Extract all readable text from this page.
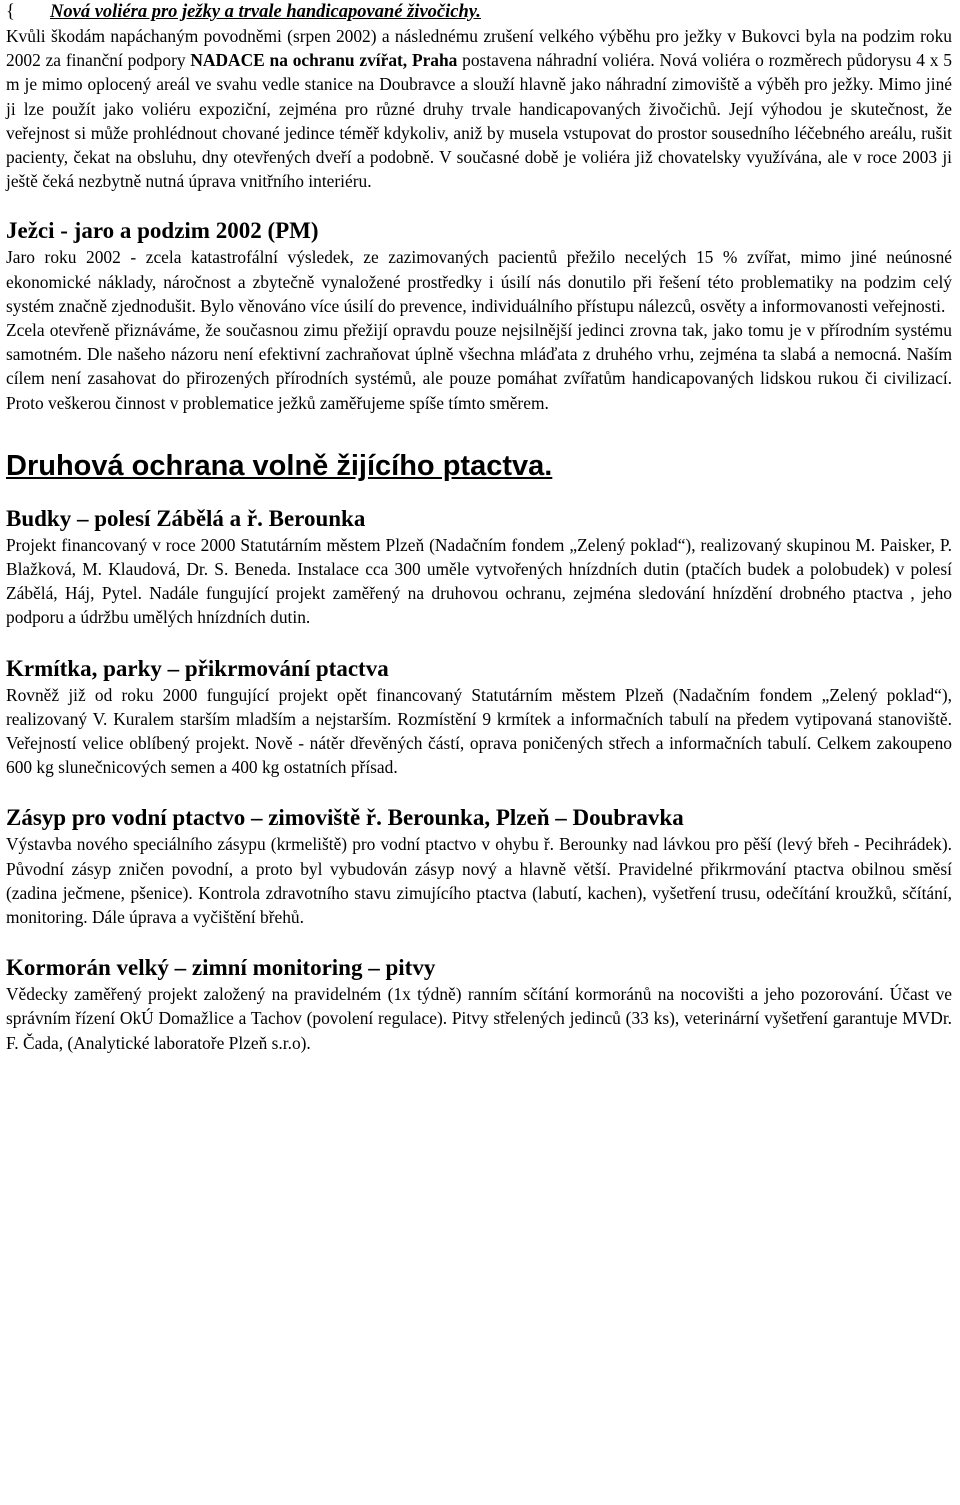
{ Nová voliéra pro ježky a trvale handicapované živočichy.

Kvůli škodám napáchaným povodněmi (srpen 2002) a následnému zrušení velkého výběhu pro ježky v Bukovci byla na podzim roku 2002 za finanční podpory NADACE na ochranu zvířat, Praha postavena náhradní voliéra. Nová voliéra o rozměrech půdorysu 4 x 5 m je mimo oplocený areál ve svahu vedle stanice na Doubravce a slouží hlavně jako náhradní zimoviště a výběh pro ježky. Mimo jiné ji lze použít jako voliéru expoziční, zejména pro různé druhy trvale handicapovaných živočichů. Její výhodou je skutečnost, že veřejnost si může prohlédnout chované jedince téměř kdykoliv, aniž by musela vstupovat do prostor sousedního léčebného areálu, rušit pacienty, čekat na obsluhu, dny otevřených dveří a podobně. V současné době je voliéra již chovatelsky využívána, ale v roce 2003 ji ještě čeká nezbytně nutná úprava vnitřního interiéru.

Ježci - jaro a podzim 2002 (PM)

Jaro roku 2002 - zcela katastrofální výsledek, ze zazimovaných pacientů přežilo necelých 15 % zvířat, mimo jiné neúnosné ekonomické náklady, náročnost a zbytečně vynaložené prostředky i úsilí nás donutilo při řešení této problematiky na podzim celý systém značně zjednodušit. Bylo věnováno více úsilí do prevence, individuálního přístupu nálezců, osvěty a informovanosti veřejnosti.

Zcela otevřeně přiznáváme, že současnou zimu přežijí opravdu pouze nejsilnější jedinci zrovna tak, jako tomu je v přírodním systému samotném. Dle našeho názoru není efektivní zachraňovat úplně všechna mláďata z druhého vrhu, zejména ta slabá a nemocná. Naším cílem není zasahovat do přirozených přírodních systémů, ale pouze pomáhat zvířatům handicapovaných lidskou rukou či civilizací. Proto veškerou činnost v problematice ježků zaměřujeme spíše tímto směrem.

Druhová ochrana volně žijícího ptactva.
Budky – polesí Zábělá a ř. Berounka

Projekt financovaný v roce 2000 Statutárním městem Plzeň (Nadačním fondem „Zelený poklad“), realizovaný skupinou M. Paisker, P. Blažková, M. Klaudová, Dr. S. Beneda. Instalace cca 300 uměle vytvořených hnízdních dutin (ptačích budek a polobudek) v polesí Zábělá, Háj, Pytel. Nadále fungující projekt zaměřený na druhovou ochranu, zejména sledování hnízdění drobného ptactva , jeho podporu a údržbu umělých hnízdních dutin.

Krmítka, parky – přikrmování ptactva

Rovněž již od roku 2000 fungující projekt opět financovaný Statutárním městem Plzeň (Nadačním fondem „Zelený poklad“), realizovaný V. Kuralem starším mladším a nejstarším. Rozmístění 9 krmítek a informačních tabulí na předem vytipovaná stanoviště. Veřejností velice oblíbený projekt. Nově - nátěr dřevěných částí, oprava poničených střech a informačních tabulí. Celkem zakoupeno 600 kg slunečnicových semen a 400 kg ostatních přísad.

Zásyp pro vodní ptactvo – zimoviště ř. Berounka, Plzeň – Doubravka

Výstavba nového speciálního zásypu (krmeliště) pro vodní ptactvo v ohybu ř. Berounky nad lávkou pro pěší (levý břeh - Pecihrádek). Původní zásyp zničen povodní, a proto byl vybudován zásyp nový a hlavně větší. Pravidelné přikrmování ptactva obilnou směsí (zadina ječmene, pšenice). Kontrola zdravotního stavu zimujícího ptactva (labutí, kachen), vyšetření trusu, odečítání kroužků, sčítání, monitoring. Dále úprava a vyčištění břehů.

Kormorán velký – zimní monitoring – pitvy

Vědecky zaměřený projekt založený na pravidelném (1x týdně) ranním sčítání kormoránů na nocovišti a jeho pozorování. Účast ve správním řízení OkÚ Domažlice a Tachov (povolení regulace). Pitvy střelených jedinců (33 ks), veterinární vyšetření garantuje MVDr. F. Čada, (Analytické laboratoře Plzeň s.r.o).
